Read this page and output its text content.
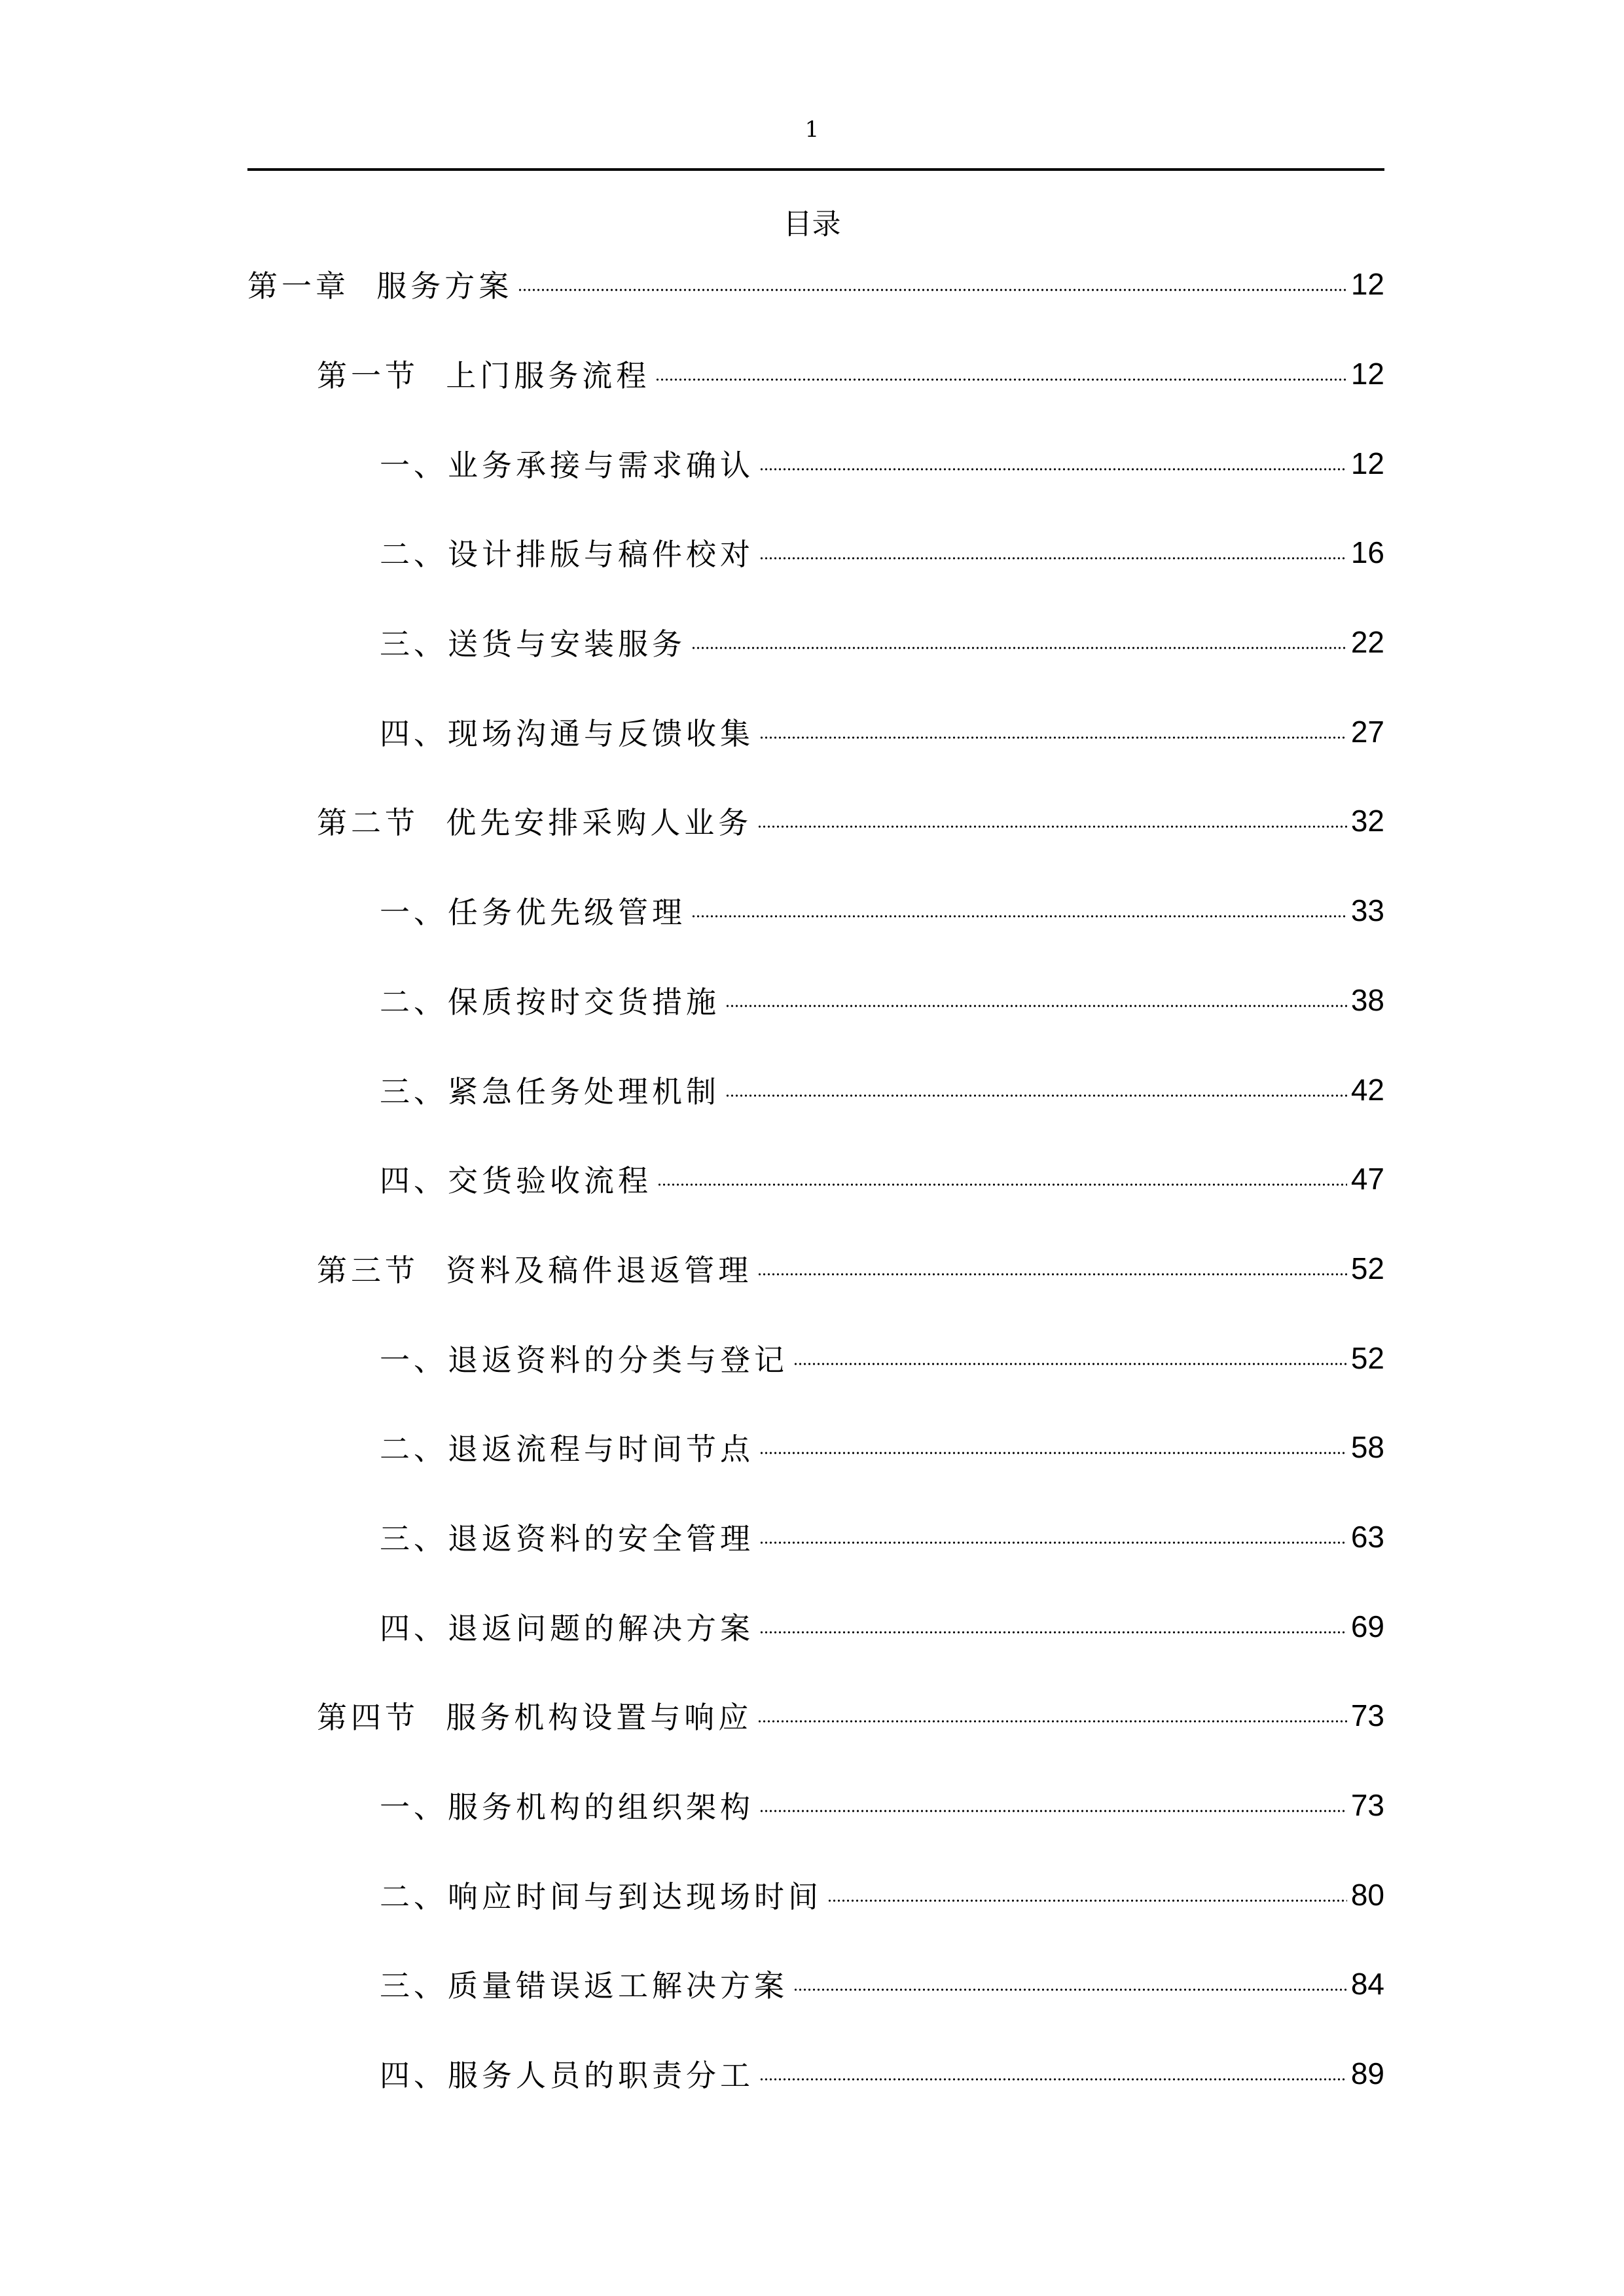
1
目录
第一章  服务方案	12
第一节  上门服务流程	12
一、业务承接与需求确认	12
二、设计排版与稿件校对	16
三、送货与安装服务	22
四、现场沟通与反馈收集	27
第二节  优先安排采购人业务	32
一、任务优先级管理	33
二、保质按时交货措施	38
三、紧急任务处理机制	42
四、交货验收流程	47
第三节  资料及稿件退返管理	52
一、退返资料的分类与登记	52
二、退返流程与时间节点	58
三、退返资料的安全管理	63
四、退返问题的解决方案	69
第四节  服务机构设置与响应	73
一、服务机构的组织架构	73
二、响应时间与到达现场时间	80
三、质量错误返工解决方案	84
四、服务人员的职责分工	89
